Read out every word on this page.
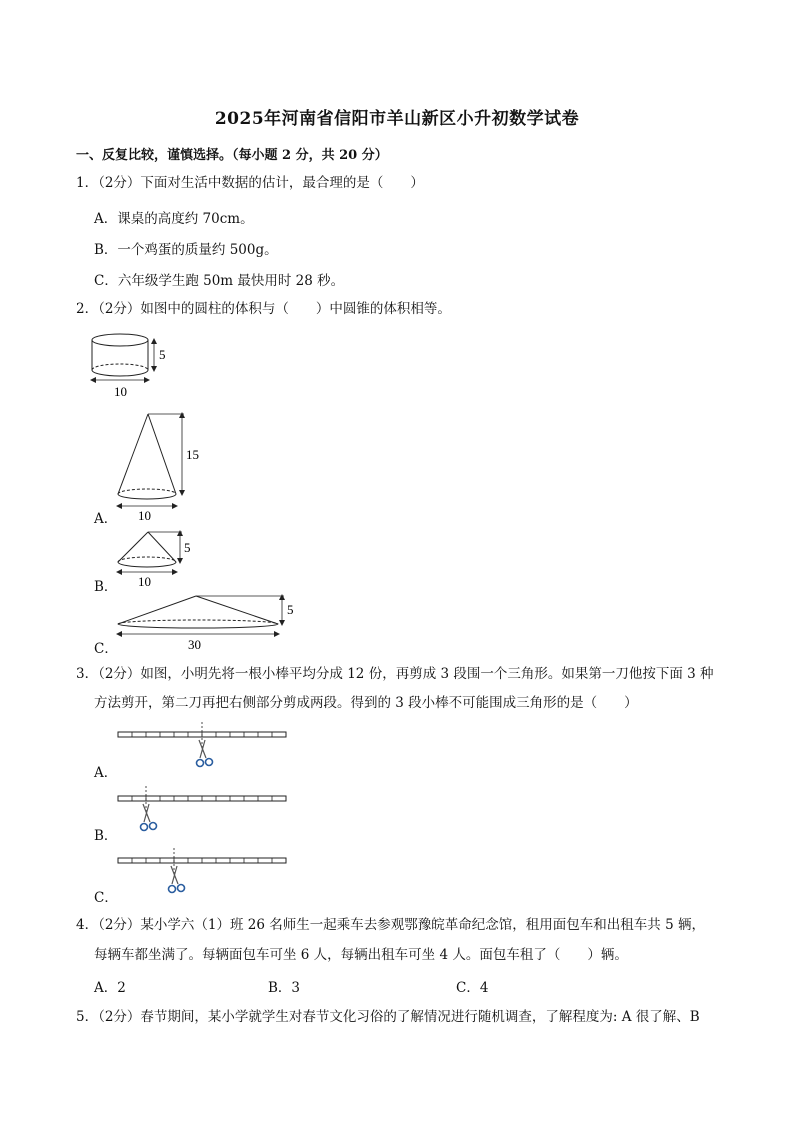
2025年河南省信阳市羊山新区小升初数学试卷
一、反复比较，谨慎选择。（每小题 2 分，共 20 分）
1．（2分）下面对生活中数据的估计，最合理的是（　　）
A．课桌的高度约 70cm。
B．一个鸡蛋的质量约 500g。
C．六年级学生跑 50m 最快用时 28 秒。
2．（2分）如图中的圆柱的体积与（　　）中圆锥的体积相等。
5
10
A．
15
10
B．
5
10
C．
5
30
3．（2分）如图，小明先将一根小棒平均分成 12 份，再剪成 3 段围一个三角形。如果第一刀他按下面 3 种
方法剪开，第二刀再把右侧部分剪成两段。得到的 3 段小棒不可能围成三角形的是（　　）
A．
B．
C．
4．（2分）某小学六（1）班 26 名师生一起乘车去参观鄂豫皖革命纪念馆，租用面包车和出租车共 5 辆，
每辆车都坐满了。每辆面包车可坐 6 人，每辆出租车可坐 4 人。面包车租了（　　）辆。
A．2	B．3	C．4
5．（2分）春节期间，某小学就学生对春节文化习俗的了解情况进行随机调查，了解程度为: A 很了解、B
